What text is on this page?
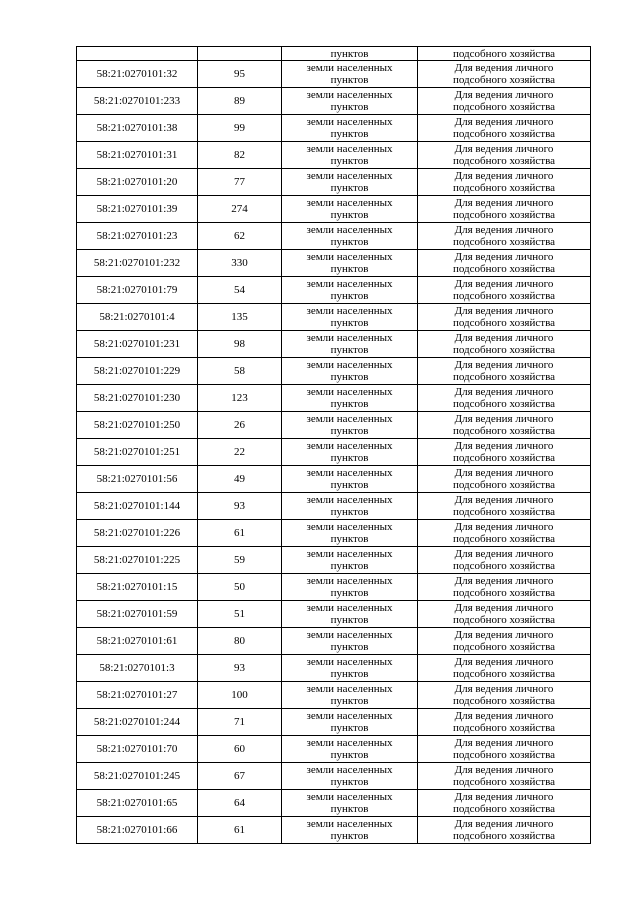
		пунктов	подсобного хозяйства
58:21:0270101:32	95	земли населенных
пунктов	Для ведения личного
подсобного хозяйства

58:21:0270101:233	89	земли населенных
пунктов	Для ведения личного
подсобного хозяйства

58:21:0270101:38	99	земли населенных
пунктов	Для ведения личного
подсобного хозяйства

58:21:0270101:31	82	земли населенных
пунктов	Для ведения личного
подсобного хозяйства

58:21:0270101:20	77	земли населенных
пунктов	Для ведения личного
подсобного хозяйства

58:21:0270101:39	274	земли населенных
пунктов	Для ведения личного
подсобного хозяйства

58:21:0270101:23	62	земли населенных
пунктов	Для ведения личного
подсобного хозяйства

58:21:0270101:232	330	земли населенных
пунктов	Для ведения личного
подсобного хозяйства

58:21:0270101:79	54	земли населенных
пунктов	Для ведения личного
подсобного хозяйства

58:21:0270101:4	135	земли населенных
пунктов	Для ведения личного
подсобного хозяйства

58:21:0270101:231	98	земли населенных
пунктов	Для ведения личного
подсобного хозяйства

58:21:0270101:229	58	земли населенных
пунктов	Для ведения личного
подсобного хозяйства

58:21:0270101:230	123	земли населенных
пунктов	Для ведения личного
подсобного хозяйства

58:21:0270101:250	26	земли населенных
пунктов	Для ведения личного
подсобного хозяйства

58:21:0270101:251	22	земли населенных
пунктов	Для ведения личного
подсобного хозяйства

58:21:0270101:56	49	земли населенных
пунктов	Для ведения личного
подсобного хозяйства

58:21:0270101:144	93	земли населенных
пунктов	Для ведения личного
подсобного хозяйства

58:21:0270101:226	61	земли населенных
пунктов	Для ведения личного
подсобного хозяйства

58:21:0270101:225	59	земли населенных
пунктов	Для ведения личного
подсобного хозяйства

58:21:0270101:15	50	земли населенных
пунктов	Для ведения личного
подсобного хозяйства

58:21:0270101:59	51	земли населенных
пунктов	Для ведения личного
подсобного хозяйства

58:21:0270101:61	80	земли населенных
пунктов	Для ведения личного
подсобного хозяйства

58:21:0270101:3	93	земли населенных
пунктов	Для ведения личного
подсобного хозяйства

58:21:0270101:27	100	земли населенных
пунктов	Для ведения личного
подсобного хозяйства

58:21:0270101:244	71	земли населенных
пунктов	Для ведения личного
подсобного хозяйства

58:21:0270101:70	60	земли населенных
пунктов	Для ведения личного
подсобного хозяйства

58:21:0270101:245	67	земли населенных
пунктов	Для ведения личного
подсобного хозяйства

58:21:0270101:65	64	земли населенных
пунктов	Для ведения личного
подсобного хозяйства

58:21:0270101:66	61	земли населенных
пунктов	Для ведения личного
подсобного хозяйства
